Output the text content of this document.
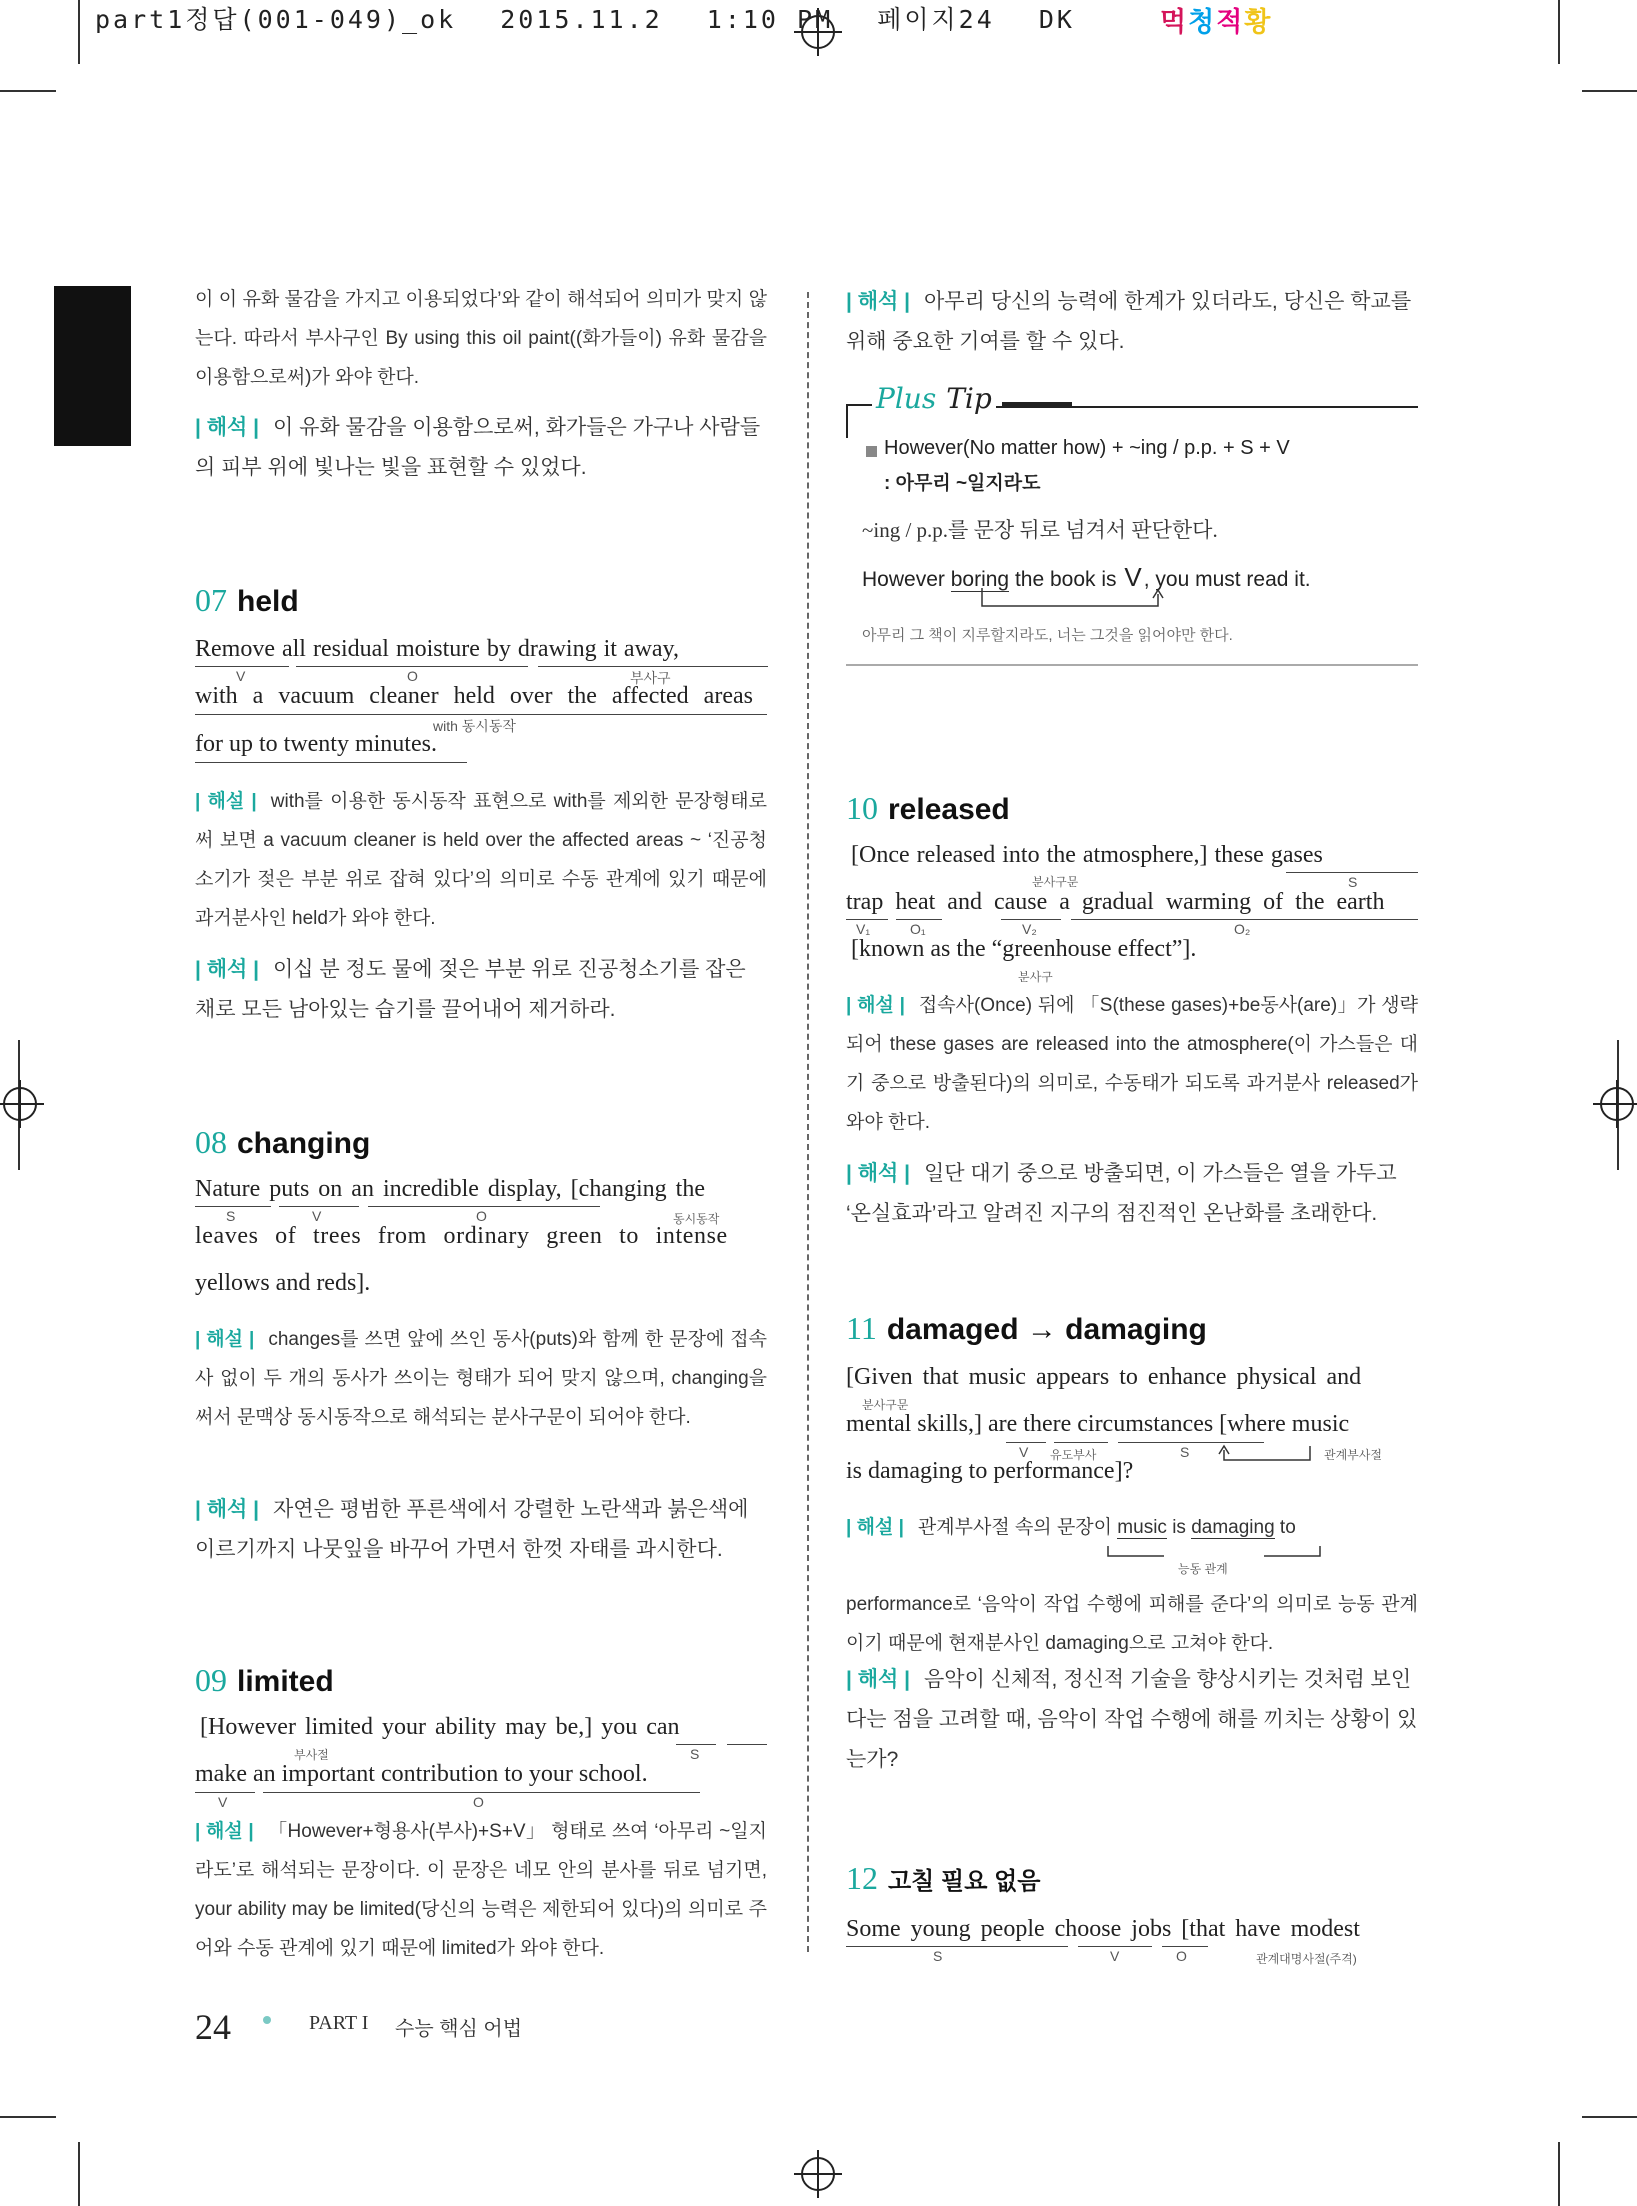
part1정답(001-049)_ok 2015.11.2 1:10 PM 페이지24 DK	먹청적황
이 이 유화 물감을 가지고 이용되었다’와 같이 해석되어 의미가 맞지 않는다. 따라서 부사구인 By using this oil paint((화가들이) 유화 물감을 이용함으로써)가 와야 한다.
| 해석 | 이 유화 물감을 이용함으로써, 화가들은 가구나 사람들의 피부 위에 빛나는 빛을 표현할 수 있었다.
07 held
Remove all residual moisture by drawing it away,
with a vacuum cleaner held over the affected areas
for up to twenty minutes.
V	O	부사구
with 동시동작
| 해설 | with를 이용한 동시동작 표현으로 with를 제외한 문장형태로 써 보면 a vacuum cleaner is held over the affected areas ~ ‘진공청소기가 젖은 부분 위로 잡혀 있다’의 의미로 수동 관계에 있기 때문에 과거분사인 held가 와야 한다.
| 해석 | 이십 분 정도 물에 젖은 부분 위로 진공청소기를 잡은 채로 모든 남아있는 습기를 끌어내어 제거하라.
08 changing
Nature puts on an incredible display, [changing the
leaves of trees from ordinary green to intense
yellows and reds].
S	V	O	동시동작
| 해설 | changes를 쓰면 앞에 쓰인 동사(puts)와 함께 한 문장에 접속사 없이 두 개의 동사가 쓰이는 형태가 되어 맞지 않으며, changing을 써서 문맥상 동시동작으로 해석되는 분사구문이 되어야 한다.
| 해석 | 자연은 평범한 푸른색에서 강렬한 노란색과 붉은색에 이르기까지 나뭇잎을 바꾸어 가면서 한껏 자태를 과시한다.
09 limited
[However limited your ability may be,] you can
make an important contribution to your school.
부사절	S
V	O
| 해설 | 「However+형용사(부사)+S+V」 형태로 쓰여 ‘아무리 ~일지라도’로 해석되는 문장이다. 이 문장은 네모 안의 분사를 뒤로 넘기면, your ability may be limited(당신의 능력은 제한되어 있다)의 의미로 주어와 수동 관계에 있기 때문에 limited가 와야 한다.
| 해석 | 아무리 당신의 능력에 한계가 있더라도, 당신은 학교를 위해 중요한 기여를 할 수 있다.
Plus Tip
However(No matter how) + ~ing / p.p. + S + V
: 아무리 ~일지라도
~ing / p.p.를 문장 뒤로 넘겨서 판단한다.
However boring the book is V, you must read it.
아무리 그 책이 지루할지라도, 너는 그것을 읽어야만 한다.
10 released
[Once released into the atmosphere,] these gases
trap heat and cause a gradual warming of the earth
[known as the “greenhouse effect”].
분사구문	S
V₁	O₁	V₂	O₂
분사구
| 해설 | 접속사(Once) 뒤에 「S(these gases)+be동사(are)」가 생략되어 these gases are released into the atmosphere(이 가스들은 대기 중으로 방출된다)의 의미로, 수동태가 되도록 과거분사 released가 와야 한다.
| 해석 | 일단 대기 중으로 방출되면, 이 가스들은 열을 가두고 ‘온실효과’라고 알려진 지구의 점진적인 온난화를 초래한다.
11 damaged → damaging
[Given that music appears to enhance physical and
mental skills,] are there circumstances [where music
is damaging to performance]?
분사구문
V 유도부사	S	관계부사절
| 해설 | 관계부사절 속의 문장이 music is damaging to
능동 관계
performance로 ‘음악이 작업 수행에 피해를 준다’의 의미로 능동 관계이기 때문에 현재분사인 damaging으로 고쳐야 한다.
| 해석 | 음악이 신체적, 정신적 기술을 향상시키는 것처럼 보인다는 점을 고려할 때, 음악이 작업 수행에 해를 끼치는 상황이 있는가?
12 고칠 필요 없음
Some young people choose jobs [that have modest
S	V	O	관계대명사절(주격)
24	PART I 수능 핵심 어법
